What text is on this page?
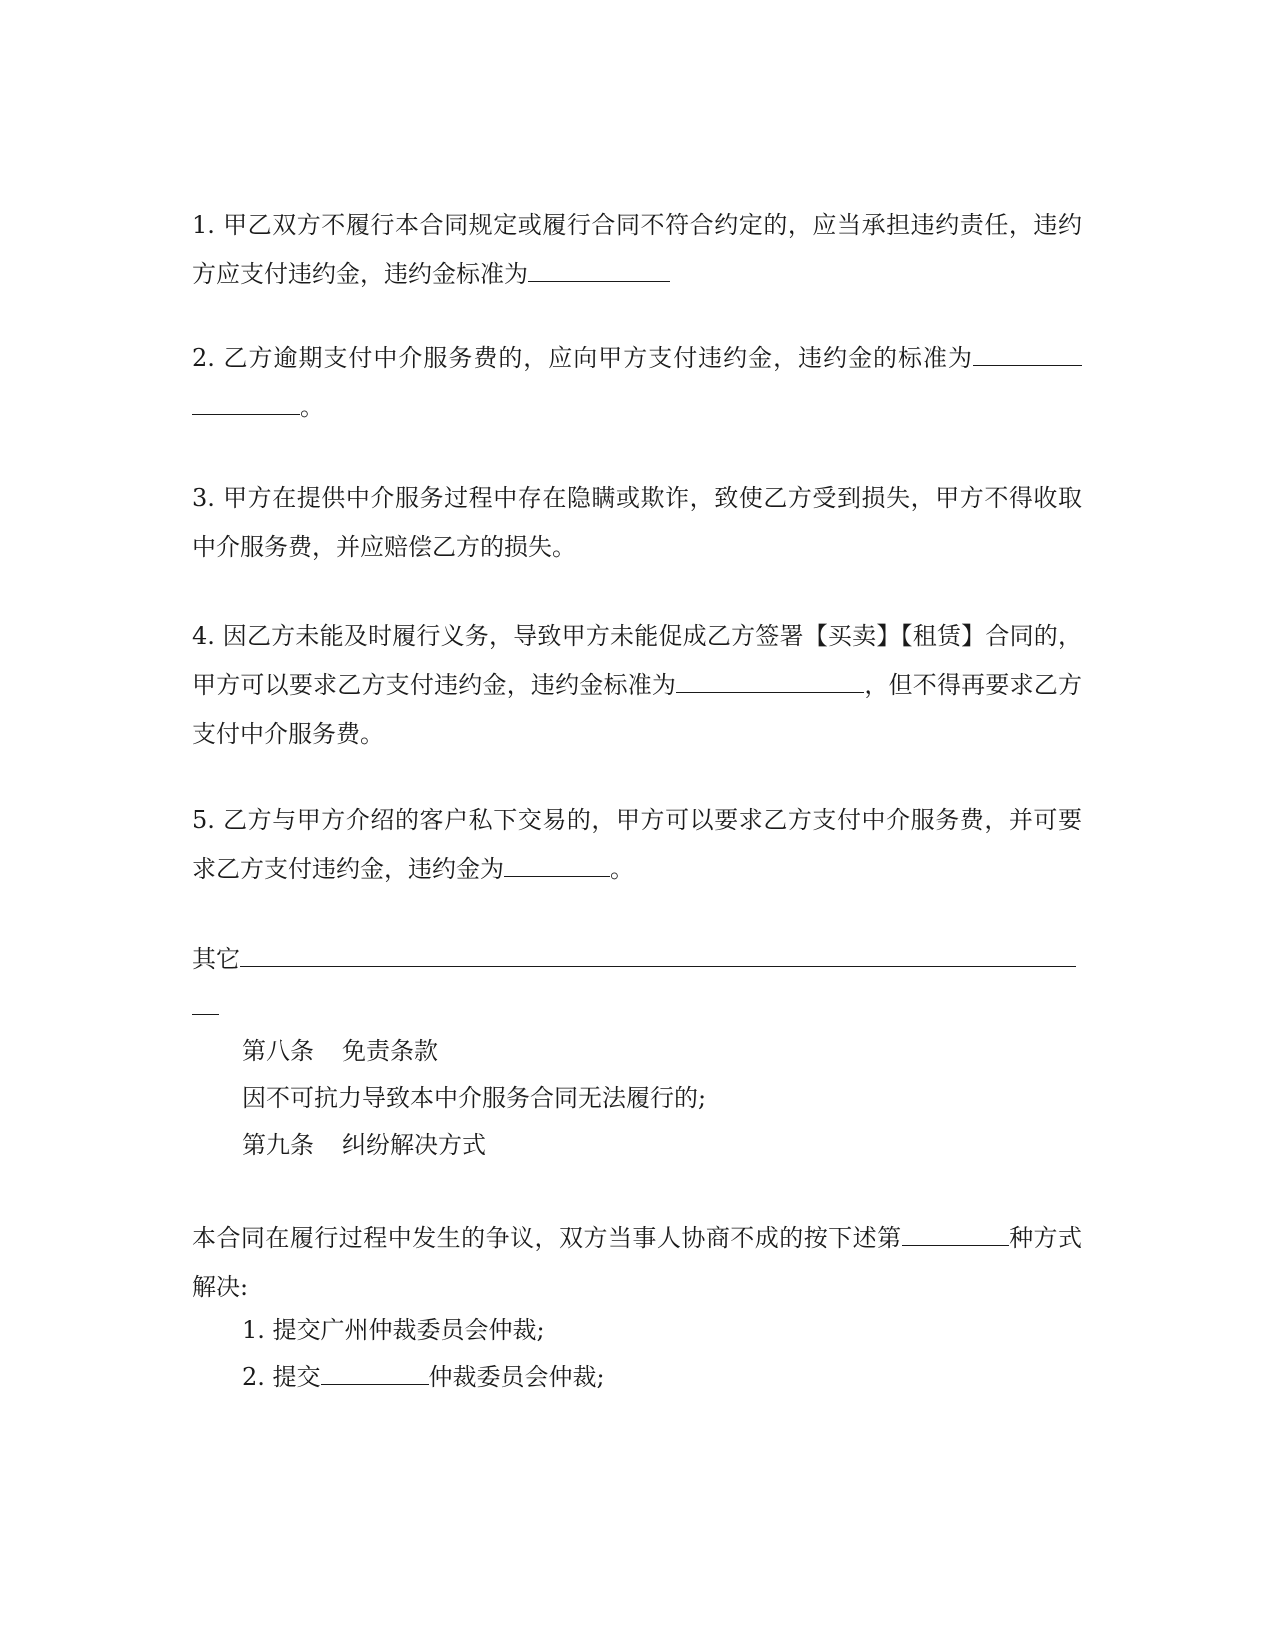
1. 甲乙双方不履行本合同规定或履行合同不符合约定的，应当承担违约责任，违约方应支付违约金，违约金标准为
2. 乙方逾期支付中介服务费的，应向甲方支付违约金，违约金的标准为。
3. 甲方在提供中介服务过程中存在隐瞒或欺诈，致使乙方受到损失，甲方不得收取中介服务费，并应赔偿乙方的损失。
4. 因乙方未能及时履行义务，导致甲方未能促成乙方签署【买卖】【租赁】合同的，甲方可以要求乙方支付违约金，违约金标准为	，但不得再要求乙方支付中介服务费。
5. 乙方与甲方介绍的客户私下交易的，甲方可以要求乙方支付中介服务费，并可要求乙方支付违约金，违约金为	。
其它
第八条 免责条款
因不可抗力导致本中介服务合同无法履行的;
第九条 纠纷解决方式
本合同在履行过程中发生的争议，双方当事人协商不成的按下述第	种方式解决:
1. 提交广州仲裁委员会仲裁;
2. 提交	仲裁委员会仲裁;
